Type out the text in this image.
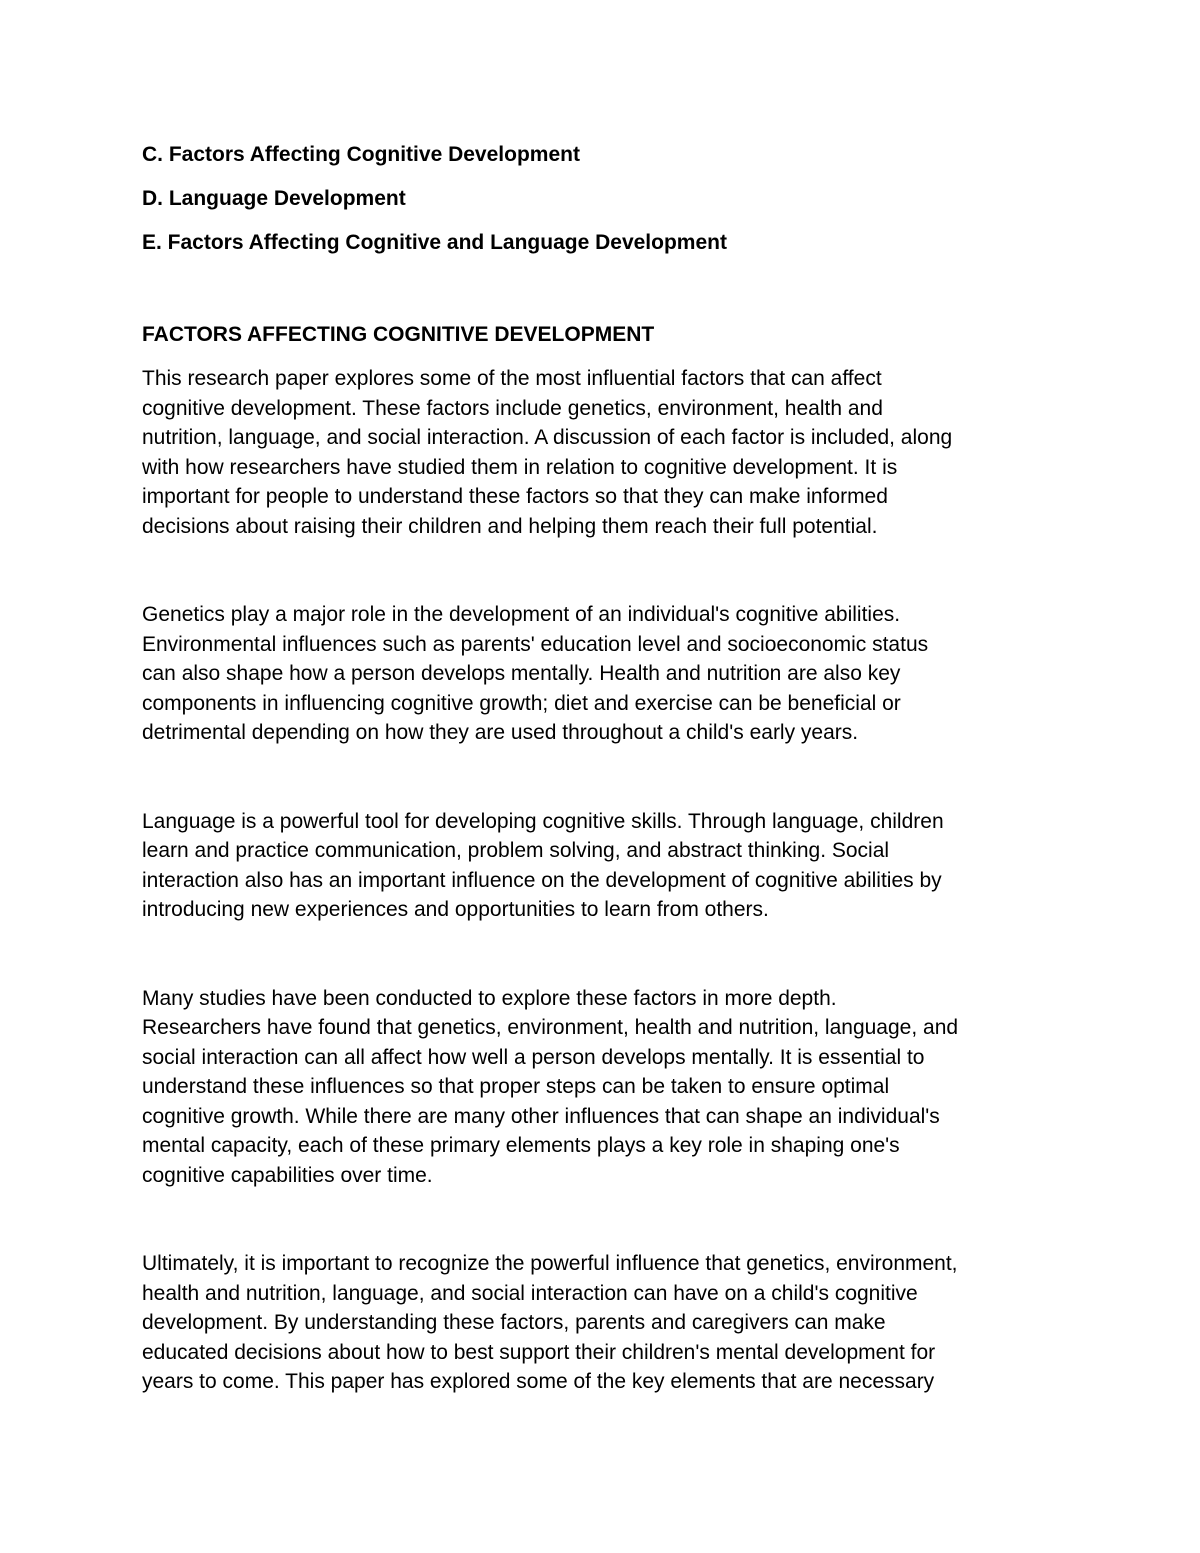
C. Factors Affecting Cognitive Development
D. Language Development
E. Factors Affecting Cognitive and Language Development
FACTORS AFFECTING COGNITIVE DEVELOPMENT

This research paper explores some of the most influential factors that can affect
cognitive development. These factors include genetics, environment, health and
nutrition, language, and social interaction. A discussion of each factor is included, along
with how researchers have studied them in relation to cognitive development. It is
important for people to understand these factors so that they can make informed
decisions about raising their children and helping them reach their full potential.

Genetics play a major role in the development of an individual's cognitive abilities.
Environmental influences such as parents' education level and socioeconomic status
can also shape how a person develops mentally. Health and nutrition are also key
components in influencing cognitive growth; diet and exercise can be beneficial or
detrimental depending on how they are used throughout a child's early years.

Language is a powerful tool for developing cognitive skills. Through language, children
learn and practice communication, problem solving, and abstract thinking. Social
interaction also has an important influence on the development of cognitive abilities by
introducing new experiences and opportunities to learn from others.

Many studies have been conducted to explore these factors in more depth.
Researchers have found that genetics, environment, health and nutrition, language, and
social interaction can all affect how well a person develops mentally. It is essential to
understand these influences so that proper steps can be taken to ensure optimal
cognitive growth. While there are many other influences that can shape an individual's
mental capacity, each of these primary elements plays a key role in shaping one's
cognitive capabilities over time.

Ultimately, it is important to recognize the powerful influence that genetics, environment,
health and nutrition, language, and social interaction can have on a child's cognitive
development. By understanding these factors, parents and caregivers can make
educated decisions about how to best support their children's mental development for
years to come. This paper has explored some of the key elements that are necessary
